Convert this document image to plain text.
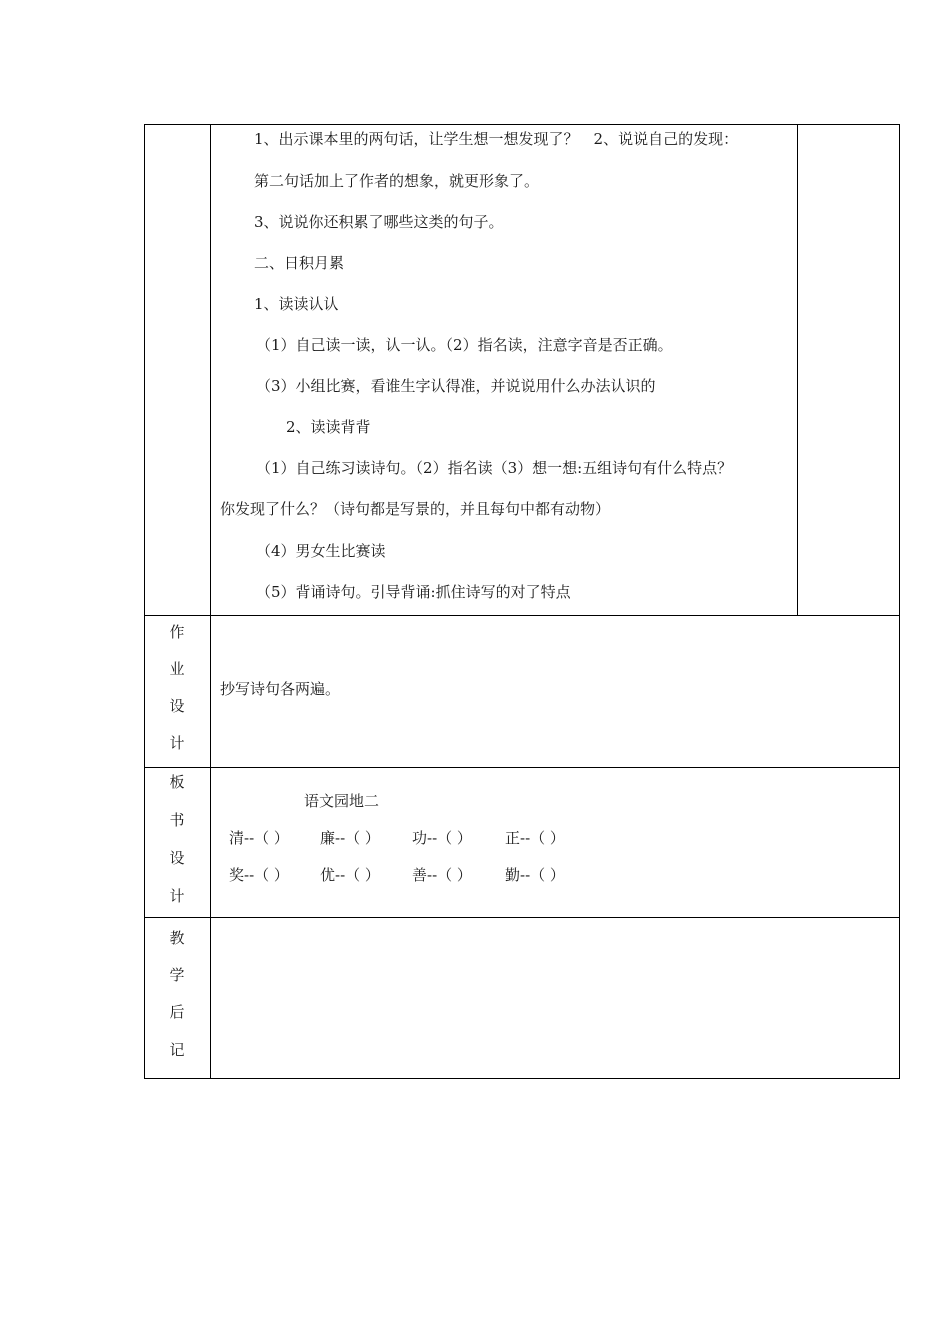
1、出示课本里的两句话，让学生想一想发现了？　2、说说自己的发现：
第二句话加上了作者的想象，就更形象了。
3、说说你还积累了哪些这类的句子。
二、日积月累
1、读读认认
（1）自己读一读，认一认。（2）指名读，注意字音是否正确。
（3）小组比赛，看谁生字认得准，并说说用什么办法认识的
2、读读背背
（1）自己练习读诗句。（2）指名读（3）想一想:五组诗句有什么特点？
你发现了什么？（诗句都是写景的，并且每句中都有动物）
（4）男女生比赛读
（5）背诵诗句。引导背诵:抓住诗写的对了特点
作
业
设
计
抄写诗句各两遍。
板
书
设
计
语文园地二
清--（ ） 廉--（ ） 功--（ ） 正--（ ）
奖--（ ） 优--（ ） 善--（ ） 勤--（ ）
教
学
后
记
